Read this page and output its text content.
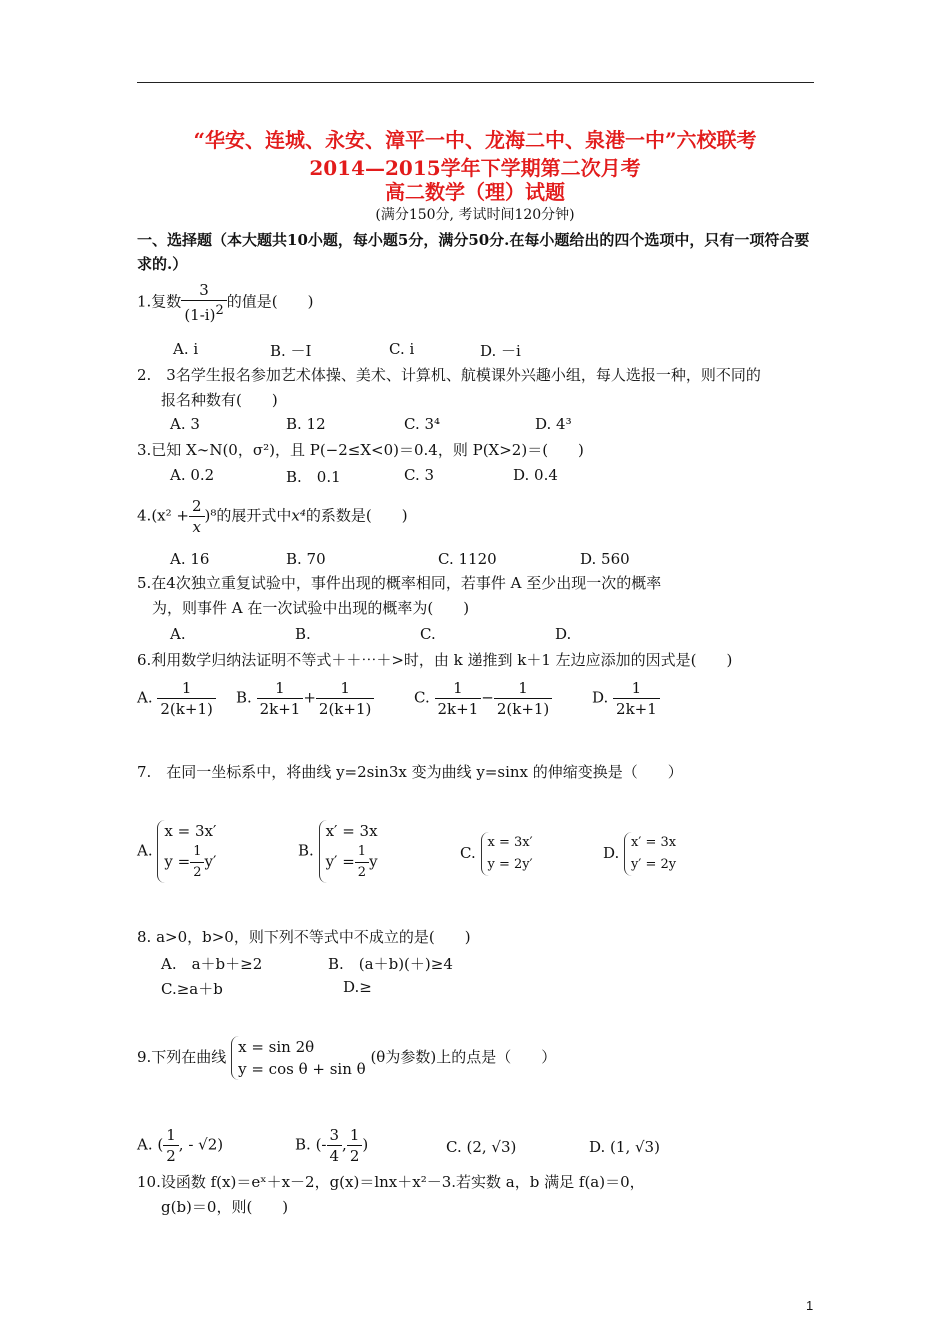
“华安、连城、永安、漳平一中、龙海二中、泉港一中”六校联考
2014—2015学年下学期第二次月考
高二数学（理）试题
(满分150分, 考试时间120分钟)
一、选择题（本大题共10小题，每小题5分，满分50分.在每小题给出的四个选项中，只有一项符合要求的.）
1.复数 $\frac{3}{(1-i)^2}$ 的值是(　　)
A. i	B. －I	C. i	D. －i
2.　3名学生报名参加艺术体操、美术、计算机、航模课外兴趣小组，每人选报一种，则不同的
报名种数有(　　)
A. 3	B. 12	C. 3⁴	D. 4³
3.已知 X∼N(0，σ²)，且 P(−2≤X<0)＝0.4，则 P(X>2)＝(　　)
A. 0.2	B.　0.1	C. 3	D. 0.4
$4.(x^2 + \frac{2}{x} )^8$的展开式中x⁴的系数是(　　)
A. 16	B. 70	C. 1120	D. 560
5.在4次独立重复试验中，事件出现的概率相同，若事件 A 至少出现一次的概率
为，则事件 A 在一次试验中出现的概率为(　　)
A.	B.	C.	D.
6.利用数学归纳法证明不等式＋＋⋯＋>时，由 k 递推到 k＋1 左边应添加的因式是(　　)
A. $\frac{1}{2(k+1)} B$. $\frac{1}{2k+1} + \frac{1}{2(k+1)}$	C. $\frac{1}{2k+1} - \frac{1}{2(k+1)}$	D. $\frac{1}{2k+1}$
7.　在同一坐标系中，将曲线 y=2sin3x 变为曲线 y=sinx 的伸缩变换是（　　）
A.
x = 3x′
$y = \frac{1}{2} y'$
B.
x′ = 3x
$y' = \frac{1}{2}$ y	C.
x = 3x′
y = 2y′
D.
x′ = 3x
y′ = 2y
8. a>0，b>0，则下列不等式中不成立的是(　　)
A.　a＋b＋≥2	B.　(a＋b)(＋)≥4
C.≥a＋b	D.≥
9.下列在曲线
x = sin 2θ
y = cos θ + sin θ
(θ为参数)上的点是（　　）
A. ( $\frac{1}{2}$ , - √2)	B. (- $\frac{3}{4}$ , $\frac{1}{2}$ )	C. (2, √3)	D. (1, √3)
10.设函数 f(x)＝eˣ＋x－2，g(x)＝lnx＋x²－3.若实数 a，b 满足 f(a)＝0，
g(b)＝0，则(　　)
1
